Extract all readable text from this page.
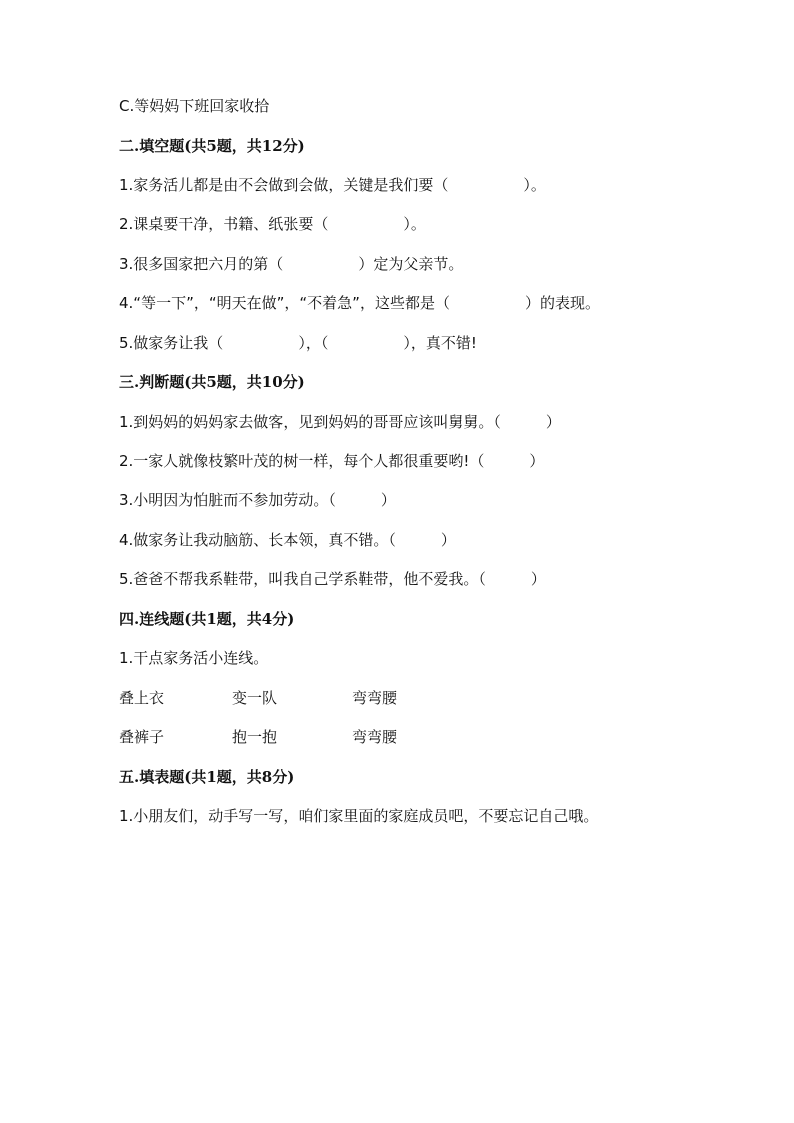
C.等妈妈下班回家收拾
二.填空题(共5题，共12分)
1.家务活儿都是由不会做到会做，关键是我们要（　　　　　）。
2.课桌要干净，书籍、纸张要（　　　　　）。
3.很多国家把六月的第（　　　　　）定为父亲节。
4.“等一下”，“明天在做”，“不着急”，这些都是（　　　　　）的表现。
5.做家务让我（　　　　　），（　　　　　），真不错!
三.判断题(共5题，共10分)
1.到妈妈的妈妈家去做客，见到妈妈的哥哥应该叫舅舅。（　　　）
2.一家人就像枝繁叶茂的树一样，每个人都很重要哟!（　　　）
3.小明因为怕脏而不参加劳动。（　　　）
4.做家务让我动脑筋、长本领，真不错。（　　　）
5.爸爸不帮我系鞋带，叫我自己学系鞋带，他不爱我。（　　　）
四.连线题(共1题，共4分)
1.干点家务活小连线。
叠上衣	变一队	弯弯腰
叠裤子	抱一抱	弯弯腰
五.填表题(共1题，共8分)
1.小朋友们，动手写一写，咱们家里面的家庭成员吧，不要忘记自己哦。
